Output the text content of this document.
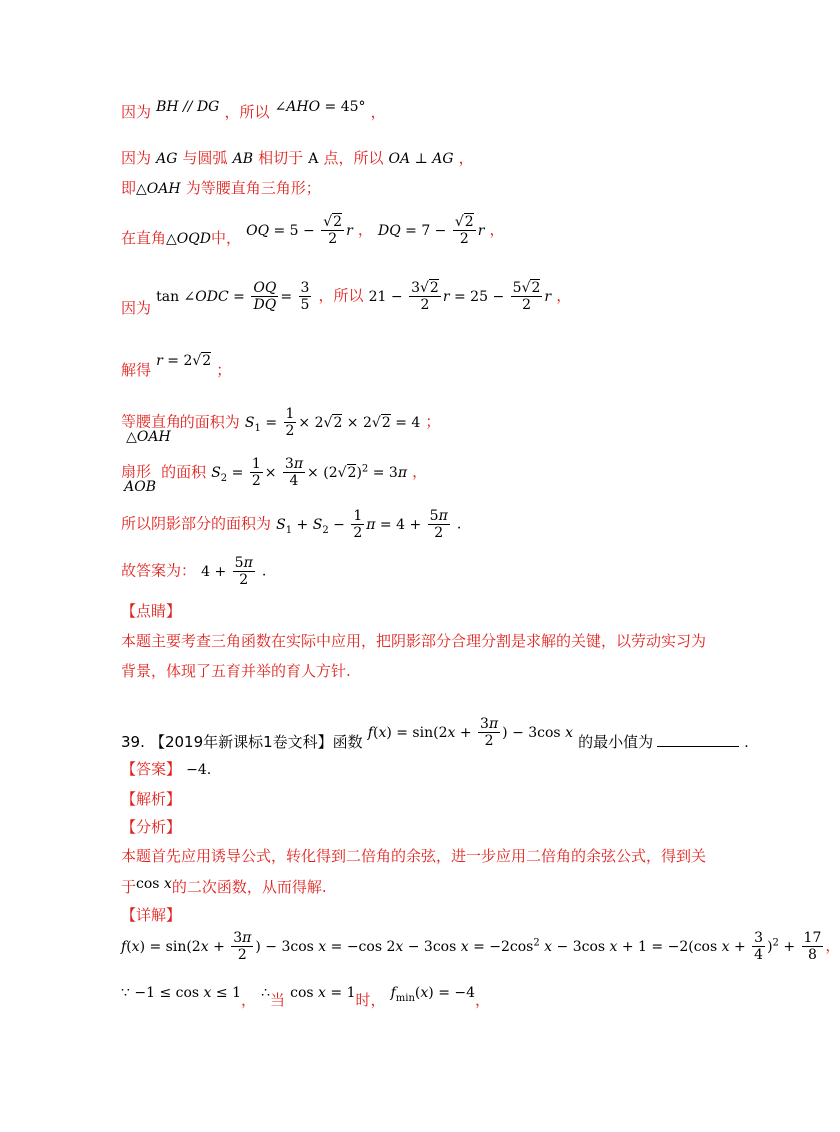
因为 BH // DG ，所以 ∠AHO = 45° ，
因为 AG 与圆弧 AB 相切于 A 点，所以 OA ⊥ AG ，
即△OAH 为等腰直角三角形；
在直角△OQD中， OQ = 5 −
√ $\frac{2}{2}$ r ， DQ = 7 −
√ $\frac{2}{2}$ r ，
因为 tan ∠ODC = $\frac{OQ}{DQ} = \frac{3}{5}$ ，所以 $21 - \frac{3√ 2}{2}$ $r = 25 - \frac{5√ 2}{2}$ r ，
解得 r = 2√ 2 ；
等腰直角 △OAH 的面积为 $S_1 = \frac{1}{2} \times 2√$ 2 × 2√ 2 = 4 ；
扇形 AOB 的面积 $S_2 = \frac{1}{2} \times \frac{3\pi}{4} \times (2√$ 2)$^2$ = 3π ，
所以阴影部分的面积为 $S_1 + S_2 - \frac{1}{2}$ $\pi = 4 + \frac{5\pi}{2}$ .
故答案为： $4 + \frac{5\pi}{2}$ .
【点睛】
本题主要考查三角函数在实际中应用，把阴影部分合理分割是求解的关键，以劳动实习为
背景，体现了五育并举的育人方针.
39. 【2019年新课标1卷文科】函数 $f(x) = \sin(2x + \frac{3\pi}{2}$ ) − 3cos x 的最小值为	.
【答案】 −4.
【解析】
【分析】
本题首先应用诱导公式，转化得到二倍角的余弦，进一步应用二倍角的余弦公式，得到关
于cos x的二次函数，从而得解.
【详解】
$f(x) = \sin(2x + \frac{3\pi}{2}$ ) − 3cos x = −cos 2x − 3cos $x = -2\cos^2$ x − 3cos x + 1 = −2(cos $x + \frac{3}{4} )^2 + \frac{17}{8}$ ，
∵ −1 ≤ cos x ≤ 1， ∴当 cos x = 1时， $f_{min}(x) = -4$，
